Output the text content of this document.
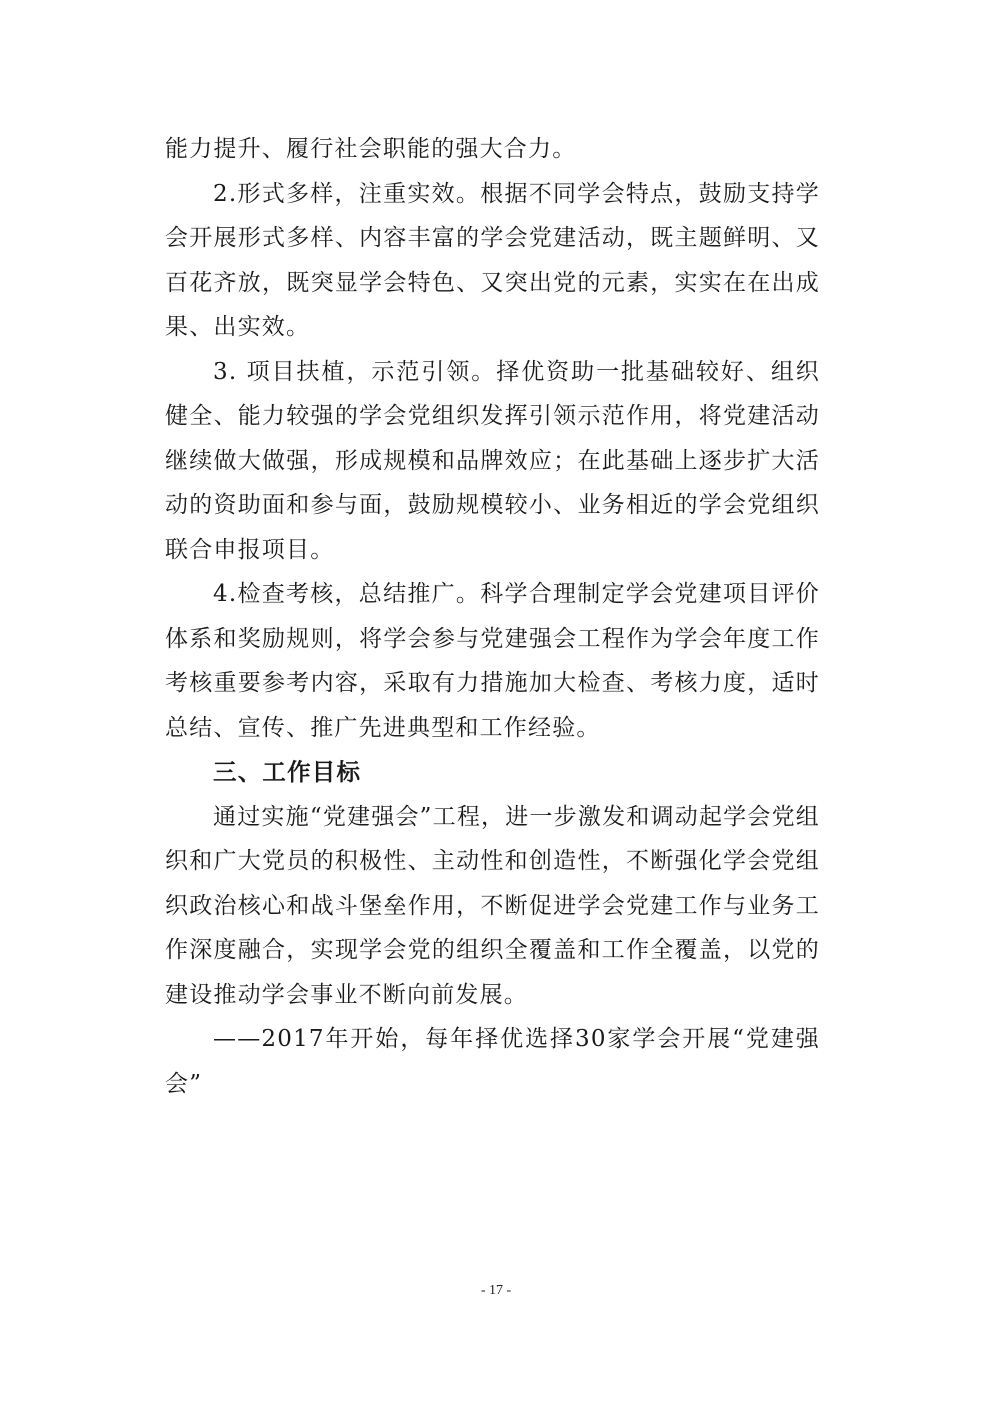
能力提升、履行社会职能的强大合力。

2.形式多样，注重实效。根据不同学会特点，鼓励支持学会开展形式多样、内容丰富的学会党建活动，既主题鲜明、又百花齐放，既突显学会特色、又突出党的元素，实实在在出成果、出实效。

3. 项目扶植，示范引领。择优资助一批基础较好、组织健全、能力较强的学会党组织发挥引领示范作用，将党建活动继续做大做强，形成规模和品牌效应；在此基础上逐步扩大活动的资助面和参与面，鼓励规模较小、业务相近的学会党组织联合申报项目。

4.检查考核，总结推广。科学合理制定学会党建项目评价体系和奖励规则，将学会参与党建强会工程作为学会年度工作考核重要参考内容，采取有力措施加大检查、考核力度，适时总结、宣传、推广先进典型和工作经验。

三、工作目标

通过实施“党建强会”工程，进一步激发和调动起学会党组织和广大党员的积极性、主动性和创造性，不断强化学会党组织政治核心和战斗堡垒作用，不断促进学会党建工作与业务工作深度融合，实现学会党的组织全覆盖和工作全覆盖，以党的建设推动学会事业不断向前发展。

——2017年开始，每年择优选择30家学会开展“党建强会”

- 17 -
